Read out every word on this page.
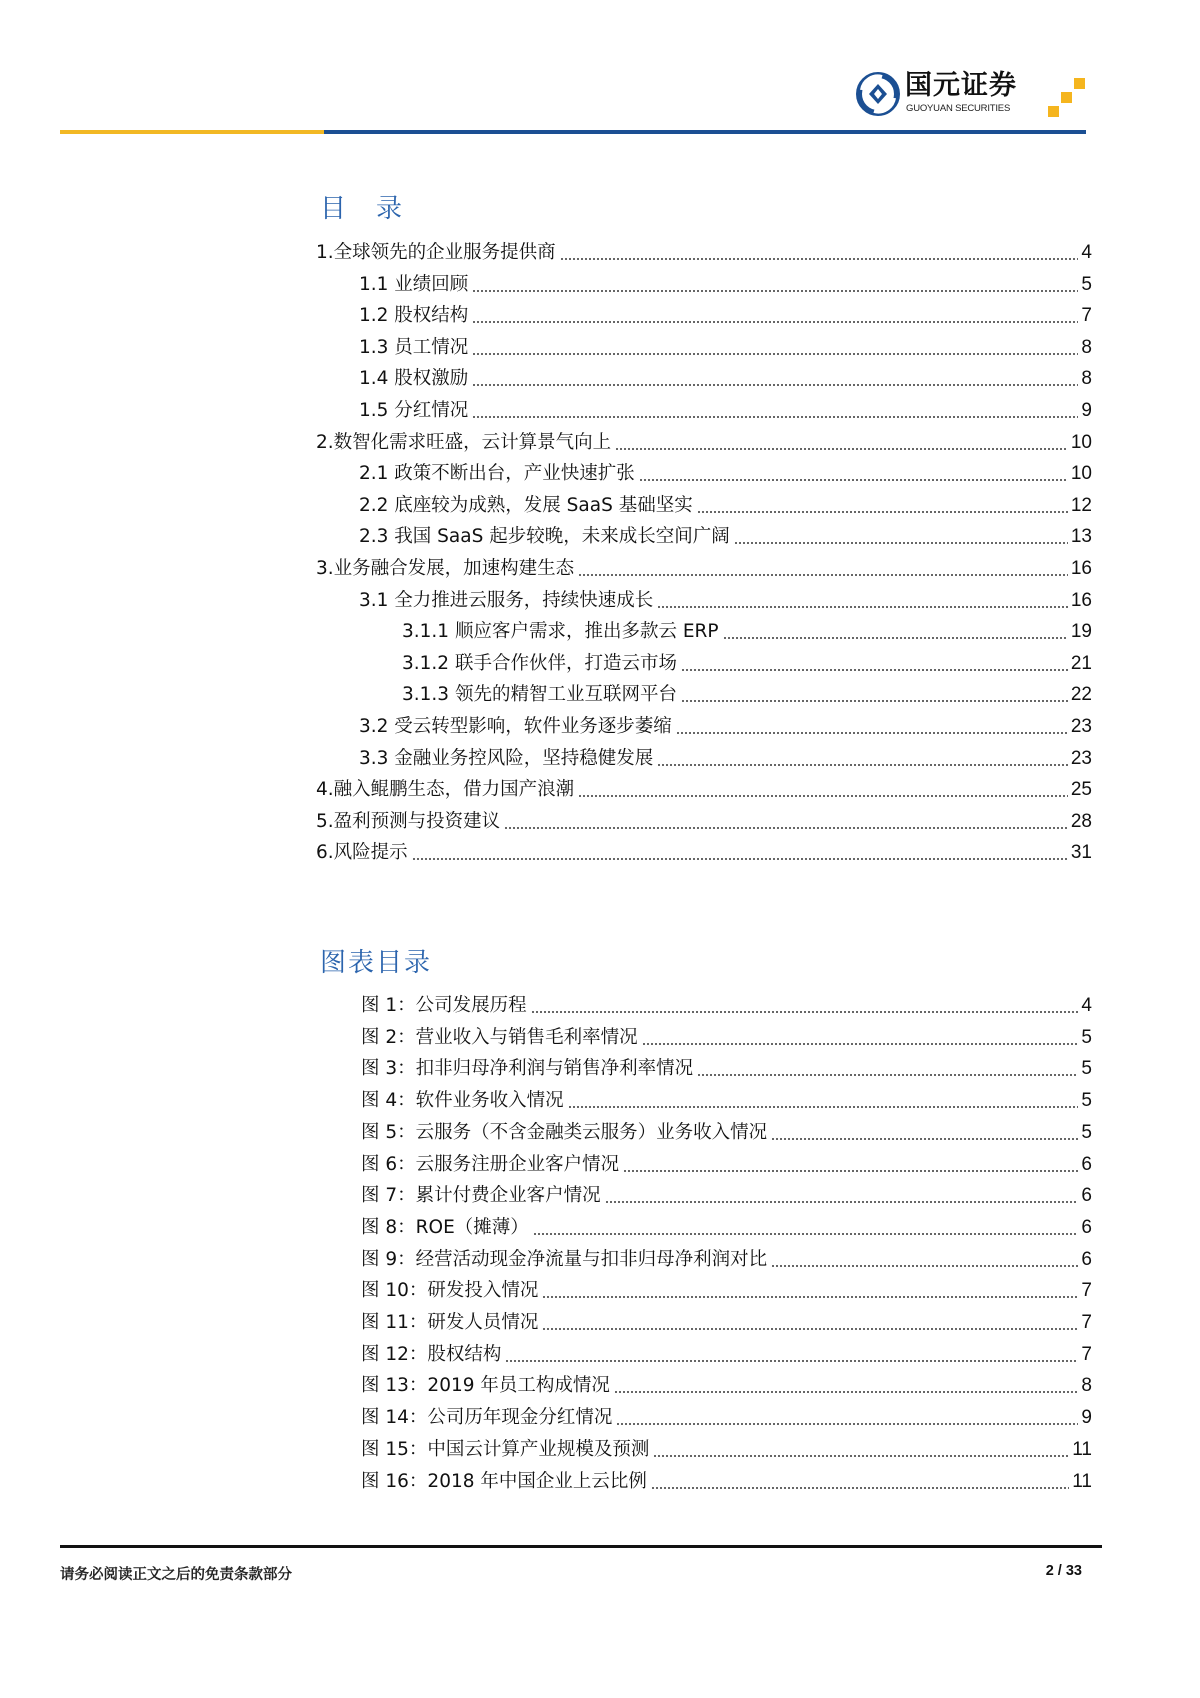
国元证券
GUOYUAN SECURITIES
目　录
1.全球领先的企业服务提供商	4
1.1 业绩回顾	5
1.2 股权结构	7
1.3 员工情况	8
1.4 股权激励	8
1.5 分红情况	9
2.数智化需求旺盛，云计算景气向上	10
2.1 政策不断出台，产业快速扩张	10
2.2 底座较为成熟，发展 SaaS 基础坚实	12
2.3 我国 SaaS 起步较晚，未来成长空间广阔	13
3.业务融合发展，加速构建生态	16
3.1 全力推进云服务，持续快速成长	16
3.1.1 顺应客户需求，推出多款云 ERP	19
3.1.2 联手合作伙伴，打造云市场	21
3.1.3 领先的精智工业互联网平台	22
3.2 受云转型影响，软件业务逐步萎缩	23
3.3 金融业务控风险，坚持稳健发展	23
4.融入鲲鹏生态，借力国产浪潮	25
5.盈利预测与投资建议	28
6.风险提示	31
图表目录
图 1：公司发展历程	4
图 2：营业收入与销售毛利率情况	5
图 3：扣非归母净利润与销售净利率情况	5
图 4：软件业务收入情况	5
图 5：云服务（不含金融类云服务）业务收入情况	5
图 6：云服务注册企业客户情况	6
图 7：累计付费企业客户情况	6
图 8：ROE（摊薄）	6
图 9：经营活动现金净流量与扣非归母净利润对比	6
图 10：研发投入情况	7
图 11：研发人员情况	7
图 12：股权结构	7
图 13：2019 年员工构成情况	8
图 14：公司历年现金分红情况	9
图 15：中国云计算产业规模及预测	11
图 16：2018 年中国企业上云比例	11
请务必阅读正文之后的免责条款部分	2 / 33
